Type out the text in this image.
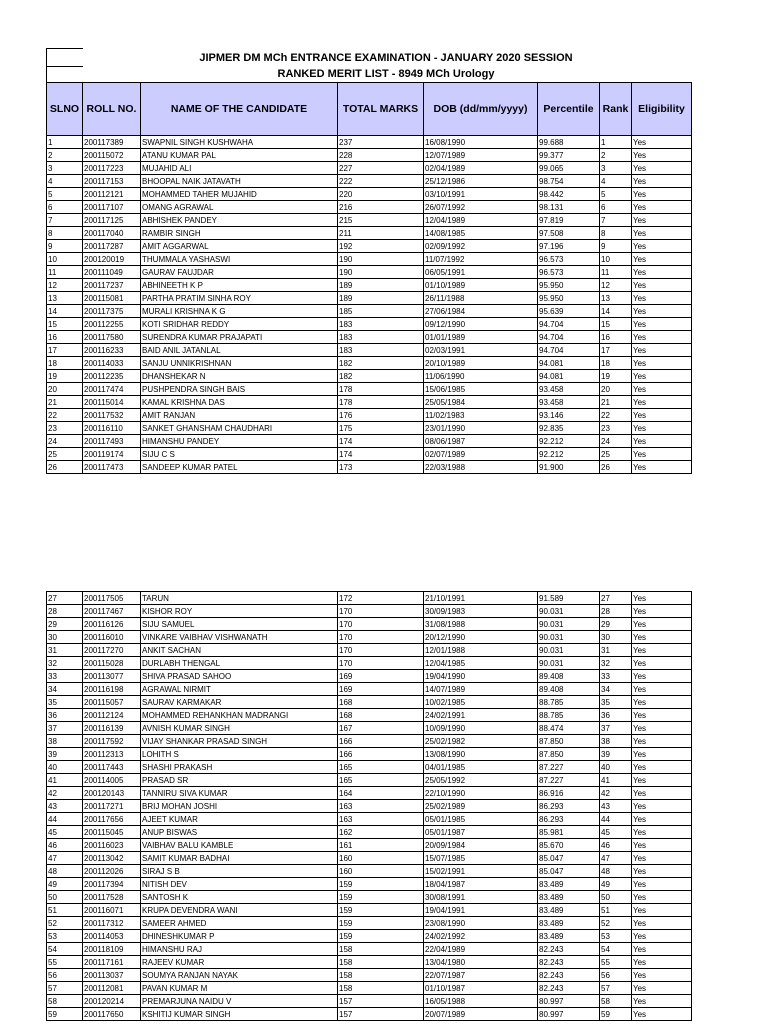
JIPMER DM MCh ENTRANCE EXAMINATION - JANUARY 2020 SESSION
RANKED MERIT LIST - 8949 MCh Urology
SLNO	ROLL NO.	NAME OF THE CANDIDATE	TOTAL MARKS	DOB (dd/mm/yyyy)	Percentile	Rank	Eligibility
1	200117389	SWAPNIL SINGH KUSHWAHA	237	16/08/1990	99.688	1	Yes
2	200115072	ATANU KUMAR PAL	228	12/07/1989	99.377	2	Yes
3	200117223	MUJAHID ALI	227	02/04/1989	99.065	3	Yes
4	200117153	BHOOPAL NAIK JATAVATH	222	25/12/1986	98.754	4	Yes
5	200112121	MOHAMMED TAHER MUJAHID	220	03/10/1991	98.442	5	Yes
6	200117107	OMANG AGRAWAL	216	26/07/1992	98.131	6	Yes
7	200117125	ABHISHEK PANDEY	215	12/04/1989	97.819	7	Yes
8	200117040	RAMBIR SINGH	211	14/08/1985	97.508	8	Yes
9	200117287	AMIT AGGARWAL	192	02/09/1992	97.196	9	Yes
10	200120019	THUMMALA YASHASWI	190	11/07/1992	96.573	10	Yes
11	200111049	GAURAV FAUJDAR	190	06/05/1991	96.573	11	Yes
12	200117237	ABHINEETH K P	189	01/10/1989	95.950	12	Yes
13	200115081	PARTHA PRATIM SINHA ROY	189	26/11/1988	95.950	13	Yes
14	200117375	MURALI KRISHNA K G	185	27/06/1984	95.639	14	Yes
15	200112255	KOTI SRIDHAR REDDY	183	09/12/1990	94.704	15	Yes
16	200117580	SURENDRA KUMAR PRAJAPATI	183	01/01/1989	94.704	16	Yes
17	200116233	BAID ANIL JATANLAL	183	02/03/1991	94.704	17	Yes
18	200114033	SANJU UNNIKRISHNAN	182	20/10/1989	94.081	18	Yes
19	200112235	DHANSHEKAR N	182	11/06/1990	94.081	19	Yes
20	200117474	PUSHPENDRA SINGH BAIS	178	15/06/1985	93.458	20	Yes
21	200115014	KAMAL KRISHNA DAS	178	25/05/1984	93.458	21	Yes
22	200117532	AMIT RANJAN	176	11/02/1983	93.146	22	Yes
23	200116110	SANKET GHANSHAM CHAUDHARI	175	23/01/1990	92.835	23	Yes
24	200117493	HIMANSHU PANDEY	174	08/06/1987	92.212	24	Yes
25	200119174	SIJU C S	174	02/07/1989	92.212	25	Yes
26	200117473	SANDEEP KUMAR PATEL	173	22/03/1988	91.900	26	Yes
27	200117505	TARUN	172	21/10/1991	91.589	27	Yes
28	200117467	KISHOR ROY	170	30/09/1983	90.031	28	Yes
29	200116126	SIJU SAMUEL	170	31/08/1988	90.031	29	Yes
30	200116010	VINKARE VAIBHAV VISHWANATH	170	20/12/1990	90.031	30	Yes
31	200117270	ANKIT SACHAN	170	12/01/1988	90.031	31	Yes
32	200115028	DURLABH THENGAL	170	12/04/1985	90.031	32	Yes
33	200113077	SHIVA PRASAD SAHOO	169	19/04/1990	89.408	33	Yes
34	200116198	AGRAWAL NIRMIT	169	14/07/1989	89.408	34	Yes
35	200115057	SAURAV KARMAKAR	168	10/02/1985	88.785	35	Yes
36	200112124	MOHAMMED REHANKHAN MADRANGI	168	24/02/1991	88.785	36	Yes
37	200116139	AVNISH KUMAR SINGH	167	10/09/1990	88.474	37	Yes
38	200117592	VIJAY SHANKAR PRASAD SINGH	166	25/02/1982	87.850	38	Yes
39	200112313	LOHITH S	166	13/08/1990	87.850	39	Yes
40	200117443	SHASHI PRAKASH	165	04/01/1985	87.227	40	Yes
41	200114005	PRASAD SR	165	25/05/1992	87.227	41	Yes
42	200120143	TANNIRU SIVA KUMAR	164	22/10/1990	86.916	42	Yes
43	200117271	BRIJ MOHAN JOSHI	163	25/02/1989	86.293	43	Yes
44	200117656	AJEET KUMAR	163	05/01/1985	86.293	44	Yes
45	200115045	ANUP BISWAS	162	05/01/1987	85.981	45	Yes
46	200116023	VAIBHAV BALU KAMBLE	161	20/09/1984	85.670	46	Yes
47	200113042	SAMIT KUMAR BADHAI	160	15/07/1985	85.047	47	Yes
48	200112026	SIRAJ S B	160	15/02/1991	85.047	48	Yes
49	200117394	NITISH DEV	159	18/04/1987	83.489	49	Yes
50	200117528	SANTOSH K	159	30/08/1991	83.489	50	Yes
51	200116071	KRUPA DEVENDRA WANI	159	19/04/1991	83.489	51	Yes
52	200117312	SAMEER AHMED	159	23/08/1990	83.489	52	Yes
53	200114053	DHINESHKUMAR P	159	24/02/1992	83.489	53	Yes
54	200118109	HIMANSHU RAJ	158	22/04/1989	82.243	54	Yes
55	200117161	RAJEEV KUMAR	158	13/04/1980	82.243	55	Yes
56	200113037	SOUMYA RANJAN NAYAK	158	22/07/1987	82.243	56	Yes
57	200112081	PAVAN KUMAR M	158	01/10/1987	82.243	57	Yes
58	200120214	PREMARJUNA NAIDU V	157	16/05/1988	80.997	58	Yes
59	200117650	KSHITIJ KUMAR SINGH	157	20/07/1989	80.997	59	Yes
